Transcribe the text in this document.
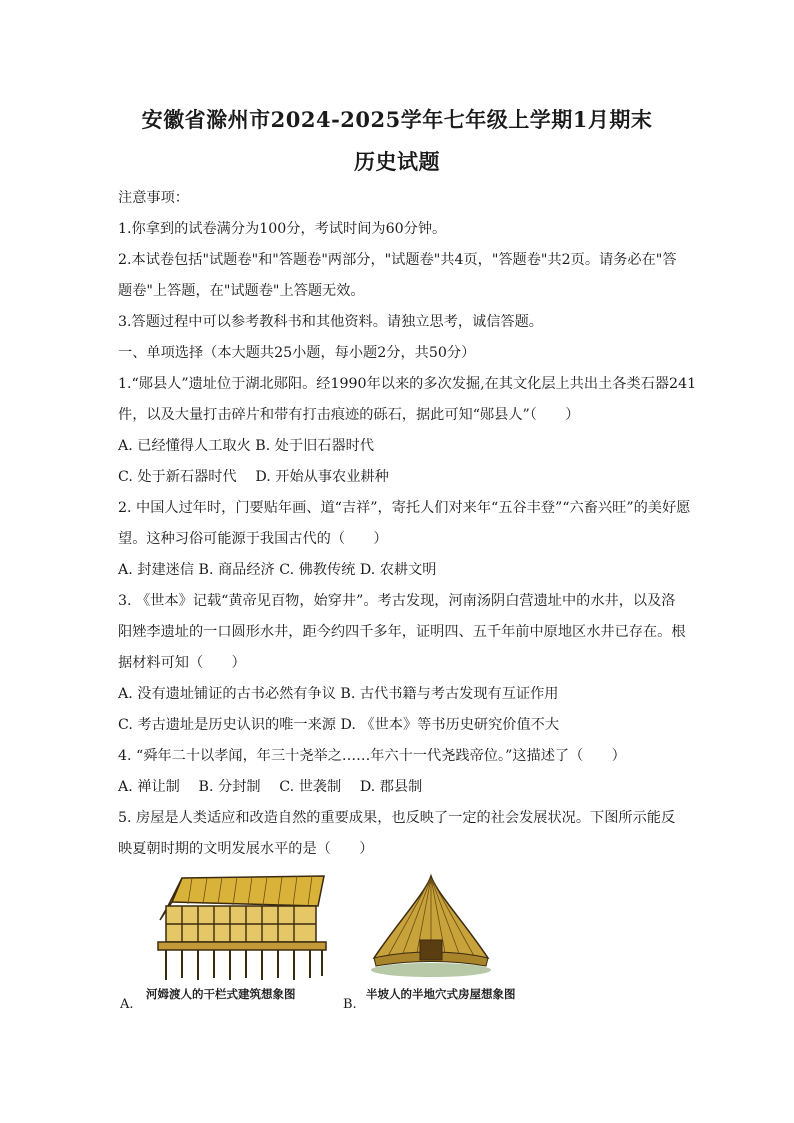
安徽省滁州市2024-2025学年七年级上学期1月期末
历史试题
注意事项：
1.你拿到的试卷满分为100分，考试时间为60分钟。
2.本试卷包括"试题卷"和"答题卷"两部分，"试题卷"共4页，"答题卷"共2页。请务必在"答
题卷"上答题，在"试题卷"上答题无效。
3.答题过程中可以参考教科书和其他资料。请独立思考，诚信答题。
一、单项选择（本大题共25小题，每小题2分，共50分）
1.“郧县人”遗址位于湖北郧阳。经1990年以来的多次发掘,在其文化层上共出土各类石器241
件，以及大量打击碎片和带有打击痕迹的砾石，据此可知“郧县人”（　　）
A. 已经懂得人工取火 B. 处于旧石器时代
C. 处于新石器时代　 D. 开始从事农业耕种
2. 中国人过年时，门要贴年画、道“吉祥”，寄托人们对来年“五谷丰登”“六畜兴旺”的美好愿
望。这种习俗可能源于我国古代的（　　）
A. 封建迷信 B. 商品经济 C. 佛教传统 D. 农耕文明
3. 《世本》记载“黄帝见百物，始穿井”。考古发现，河南汤阴白营遗址中的水井，以及洛
阳矬李遗址的一口圆形水井，距今约四千多年，证明四、五千年前中原地区水井已存在。根
据材料可知（　　）
A. 没有遗址铺证的古书必然有争议 B. 古代书籍与考古发现有互证作用
C. 考古遗址是历史认识的唯一来源 D. 《世本》等书历史研究价值不大
4. “舜年二十以孝闻，年三十尧举之……年六十一代尧践帝位。”这描述了（　　）
A. 禅让制　 B. 分封制　 C. 世袭制　 D. 郡县制
5. 房屋是人类适应和改造自然的重要成果，也反映了一定的社会发展状况。下图所示能反
映夏朝时期的文明发展水平的是（　　）
河姆渡人的干栏式建筑想象图
A.
半坡人的半地穴式房屋想象图
B.
